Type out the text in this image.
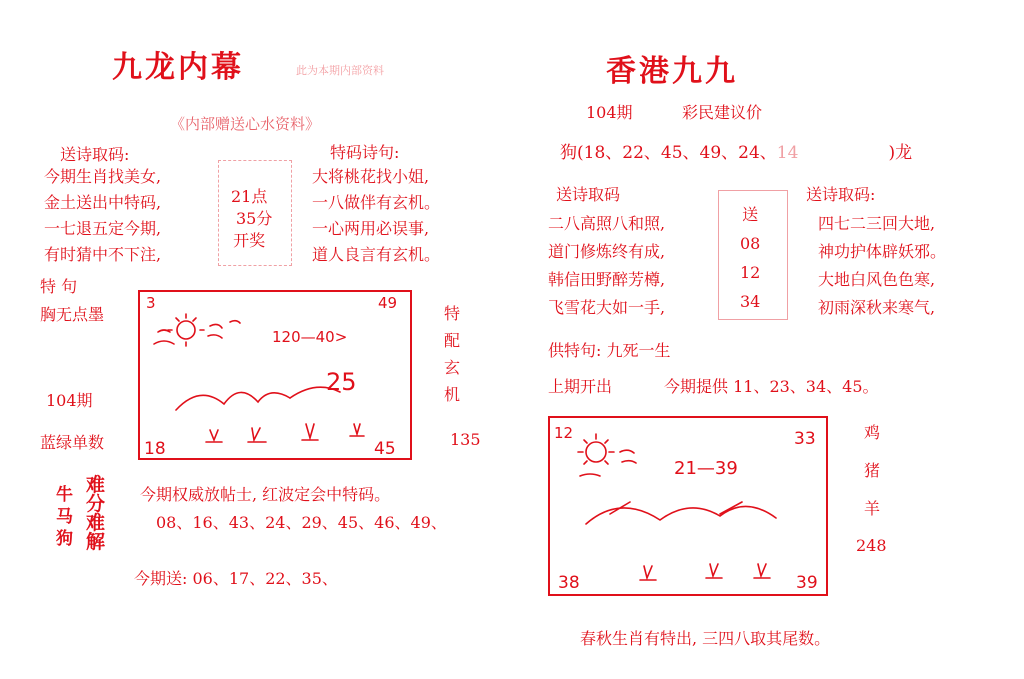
九龙内幕	此为本期内部资料
《内部赠送心水资料》
送诗取码:
今期生肖找美女,
金土送出中特码,
一七退五定今期,
有时猜中不下注,
21点
35分
开奖
特码诗句:
大将桃花找小姐,
一八做伴有玄机。
一心两用必误事,
道人良言有玄机。
特 句
胸无点墨	特
配
玄
机
135
104期
蓝绿单数
3	49
18	45
120—40>
25
牛
马
狗
难
分
难
解
今期权威放帖士, 红波定会中特码。
08、16、43、24、29、45、46、49、
今期送: 06、17、22、35、
香港九九
104期	彩民建议价
狗(18、22、45、49、24、14	)龙
送诗取码	送诗取码:
二八高照八和照,
道门修炼终有成,
韩信田野醉芳樽,
飞雪花大如一手,
送
08
12
34
四七二三回大地,
神功护体辟妖邪。
大地白风色色寒,
初雨深秋来寒气,
供特句: 九死一生
上期开出	今期提供 11、23、34、45。
12	33
38	39
21—39
鸡
猪
羊
248
春秋生肖有特出, 三四八取其尾数。
